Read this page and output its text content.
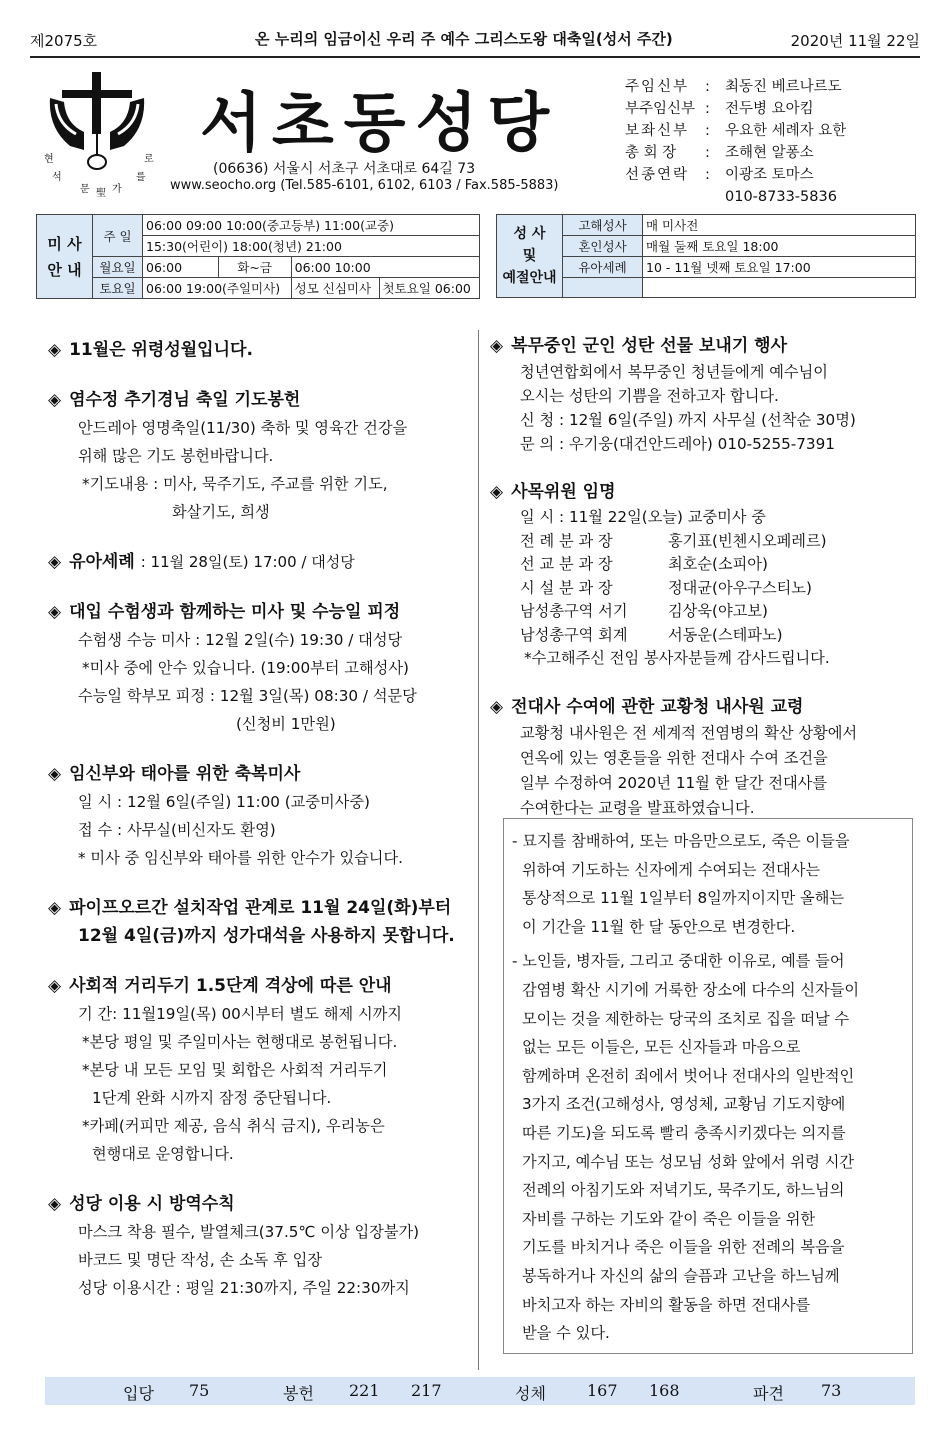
제2075호	온 누리의 임금이신 우리 주 예수 그리스도왕 대축일(성서 주간)	2020년 11월 22일
현
석
문 聖 가
로
를
서초동성당
(06636) 서울시 서초구 서초대로 64길 73
www.seocho.org (Tel.585-6101, 6102, 6103 / Fax.585-5883)
주임신부	:	최동진 베르나르도
부주임신부 :	전두병 요아킴
보좌신부	:	우요한 세례자 요한
총 회 장	:	조해현 알퐁소
선종연락	:	이광조 토마스
010-8733-5836
미 사
안 내	주 일	06:00 09:00 10:00(중고등부) 11:00(교중)			
		15:30(어린이) 18:00(청년) 21:00			
	월요일	06:00	화~금	06:00 10:00	
	토요일	06:00 19:00(주일미사)		성모 신심미사	첫토요일 06:00
성 사
및
예절안내	고해성사	매 미사전
	혼인성사	매월 둘째 토요일 18:00
	유아세례	10 - 11월 넷째 토요일 17:00

◈ 11월은 위령성월입니다.
◈ 염수정 추기경님 축일 기도봉헌

안드레아 영명축일(11/30) 축하 및 영육간 건강을

위해 많은 기도 봉헌바랍니다.

*기도내용 : 미사, 묵주기도, 주교를 위한 기도,

화살기도, 희생

◈ 유아세례 : 11월 28일(토) 17:00 / 대성당
◈ 대입 수험생과 함께하는 미사 및 수능일 피정

수험생 수능 미사 : 12월 2일(수) 19:30 / 대성당

*미사 중에 안수 있습니다. (19:00부터 고해성사)

수능일 학부모 피정 : 12월 3일(목) 08:30 / 석문당

(신청비 1만원)

◈ 임신부와 태아를 위한 축복미사

일 시 : 12월 6일(주일) 11:00 (교중미사중)

접 수 : 사무실(비신자도 환영)

* 미사 중 임신부와 태아를 위한 안수가 있습니다.

◈ 파이프오르간 설치작업 관계로 11월 24일(화)부터
12월 4일(금)까지 성가대석을 사용하지 못합니다.
◈ 사회적 거리두기 1.5단계 격상에 따른 안내

기 간: 11월19일(목) 00시부터 별도 해제 시까지

*본당 평일 및 주일미사는 현행대로 봉헌됩니다.

*본당 내 모든 모임 및 회합은 사회적 거리두기

1단계 완화 시까지 잠정 중단됩니다.

*카페(커피만 제공, 음식 취식 금지), 우리농은

현행대로 운영합니다.

◈ 성당 이용 시 방역수칙

마스크 착용 필수, 발열체크(37.5℃ 이상 입장불가)

바코드 및 명단 작성, 손 소독 후 입장

성당 이용시간 : 평일 21:30까지, 주일 22:30까지

◈ 복무중인 군인 성탄 선물 보내기 행사

청년연합회에서 복무중인 청년들에게 예수님이

오시는 성탄의 기쁨을 전하고자 합니다.

신 청 : 12월 6일(주일) 까지 사무실 (선착순 30명)

문 의 : 우기웅(대건안드레아) 010-5255-7391

◈ 사목위원 임명

일 시 : 11월 22일(오늘) 교중미사 중

전 례 분 과 장	홍기표(빈첸시오페레르)

선 교 분 과 장	최호순(소피아)

시 설 분 과 장	정대균(아우구스티노)

남성총구역 서기	김상욱(야고보)

남성총구역 회계	서동운(스테파노)

*수고해주신 전임 봉사자분들께 감사드립니다.

◈ 전대사 수여에 관한 교황청 내사원 교령

교황청 내사원은 전 세계적 전염병의 확산 상황에서

연옥에 있는 영혼들을 위한 전대사 수여 조건을

일부 수정하여 2020년 11월 한 달간 전대사를

수여한다는 교령을 발표하였습니다.

- 묘지를 참배하여, 또는 마음만으로도, 죽은 이들을

위하여 기도하는 신자에게 수여되는 전대사는

통상적으로 11월 1일부터 8일까지이지만 올해는

이 기간을 11월 한 달 동안으로 변경한다.

- 노인들, 병자들, 그리고 중대한 이유로, 예를 들어

감염병 확산 시기에 거룩한 장소에 다수의 신자들이

모이는 것을 제한하는 당국의 조치로 집을 떠날 수

없는 모든 이들은, 모든 신자들과 마음으로

함께하며 온전히 죄에서 벗어나 전대사의 일반적인

3가지 조건(고해성사, 영성체, 교황님 기도지향에

따른 기도)을 되도록 빨리 충족시키겠다는 의지를

가지고, 예수님 또는 성모님 성화 앞에서 위령 시간

전례의 아침기도와 저녁기도, 묵주기도, 하느님의

자비를 구하는 기도와 같이 죽은 이들을 위한

기도를 바치거나 죽은 이들을 위한 전례의 복음을

봉독하거나 자신의 삶의 슬픔과 고난을 하느님께

바치고자 하는 자비의 활동을 하면 전대사를

받을 수 있다.

입당 75	봉헌 221 217	성체	167 168	파견 73
